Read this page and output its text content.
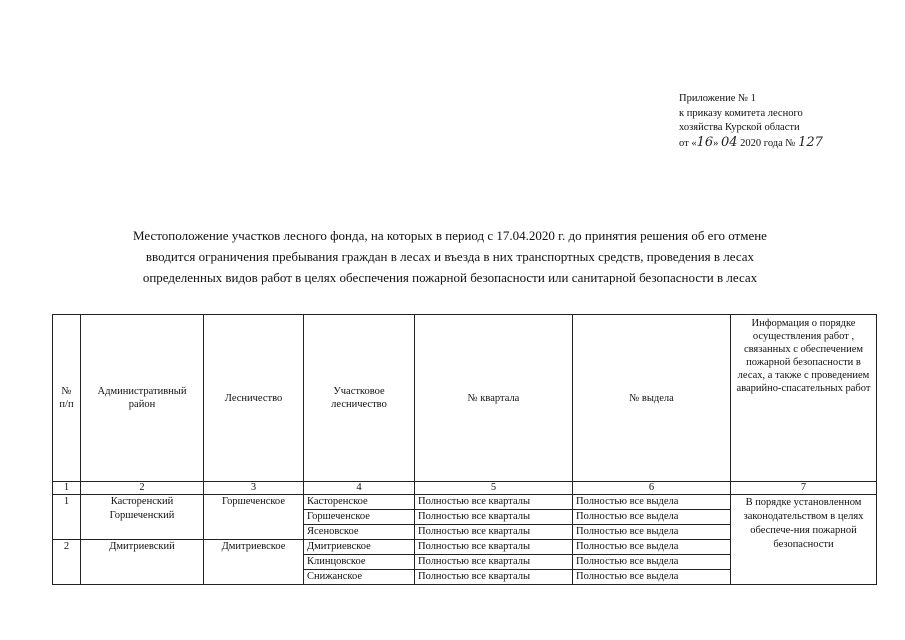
Приложение № 1
к приказу комитета лесного
хозяйства Курской области
от «16» 04 2020 года № 127
Местоположение участков лесного фонда, на которых в период с 17.04.2020 г. до принятия решения об его отмене
вводится ограничения пребывания граждан в лесах и въезда в них транспортных средств, проведения в лесах
определенных видов работ в целях обеспечения пожарной безопасности или санитарной безопасности в лесах
№ п/п	Административный район	Лесничество	Участковое лесничество	№ квартала	№ выдела	Информация о порядке осуществления работ , связанных с обеспечением пожарной безопасности в лесах, а также с проведением аварийно-спасательных работ
1	2	3	4	5	6	7
1	Касторенский Горшеченский	Горшеченское	Касторенское	Полностью все кварталы	Полностью все выдела	В порядке установленном законодательством в целях обеспече-ния пожарной безопасности
			Горшеченское	Полностью все кварталы	Полностью все выдела	
			Ясеновское	Полностью все кварталы	Полностью все выдела	
2	Дмитриевский	Дмитриевское	Дмитриевское	Полностью все кварталы	Полностью все выдела	
			Клинцовское	Полностью все кварталы	Полностью все выдела	
			Снижанское	Полностью все кварталы	Полностью все выдела	
